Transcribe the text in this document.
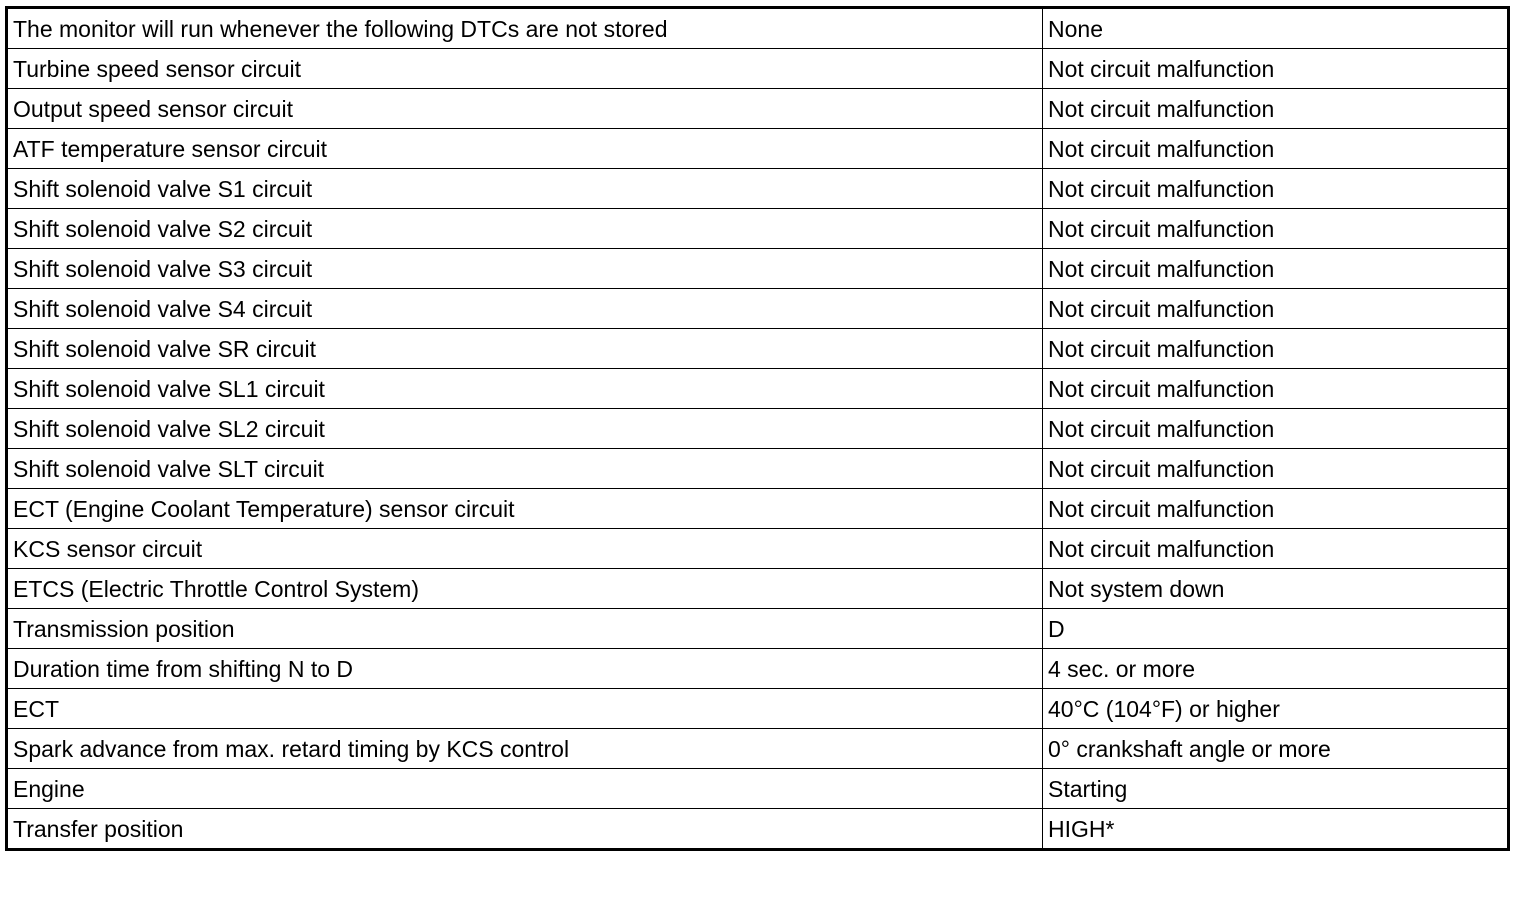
The monitor will run whenever the following DTCs are not stored	None
Turbine speed sensor circuit	Not circuit malfunction
Output speed sensor circuit	Not circuit malfunction
ATF temperature sensor circuit	Not circuit malfunction
Shift solenoid valve S1 circuit	Not circuit malfunction
Shift solenoid valve S2 circuit	Not circuit malfunction
Shift solenoid valve S3 circuit	Not circuit malfunction
Shift solenoid valve S4 circuit	Not circuit malfunction
Shift solenoid valve SR circuit	Not circuit malfunction
Shift solenoid valve SL1 circuit	Not circuit malfunction
Shift solenoid valve SL2 circuit	Not circuit malfunction
Shift solenoid valve SLT circuit	Not circuit malfunction
ECT (Engine Coolant Temperature) sensor circuit	Not circuit malfunction
KCS sensor circuit	Not circuit malfunction
ETCS (Electric Throttle Control System)	Not system down
Transmission position	D
Duration time from shifting N to D	4 sec. or more
ECT	40°C (104°F) or higher
Spark advance from max. retard timing by KCS control	0° crankshaft angle or more
Engine	Starting
Transfer position	HIGH*
